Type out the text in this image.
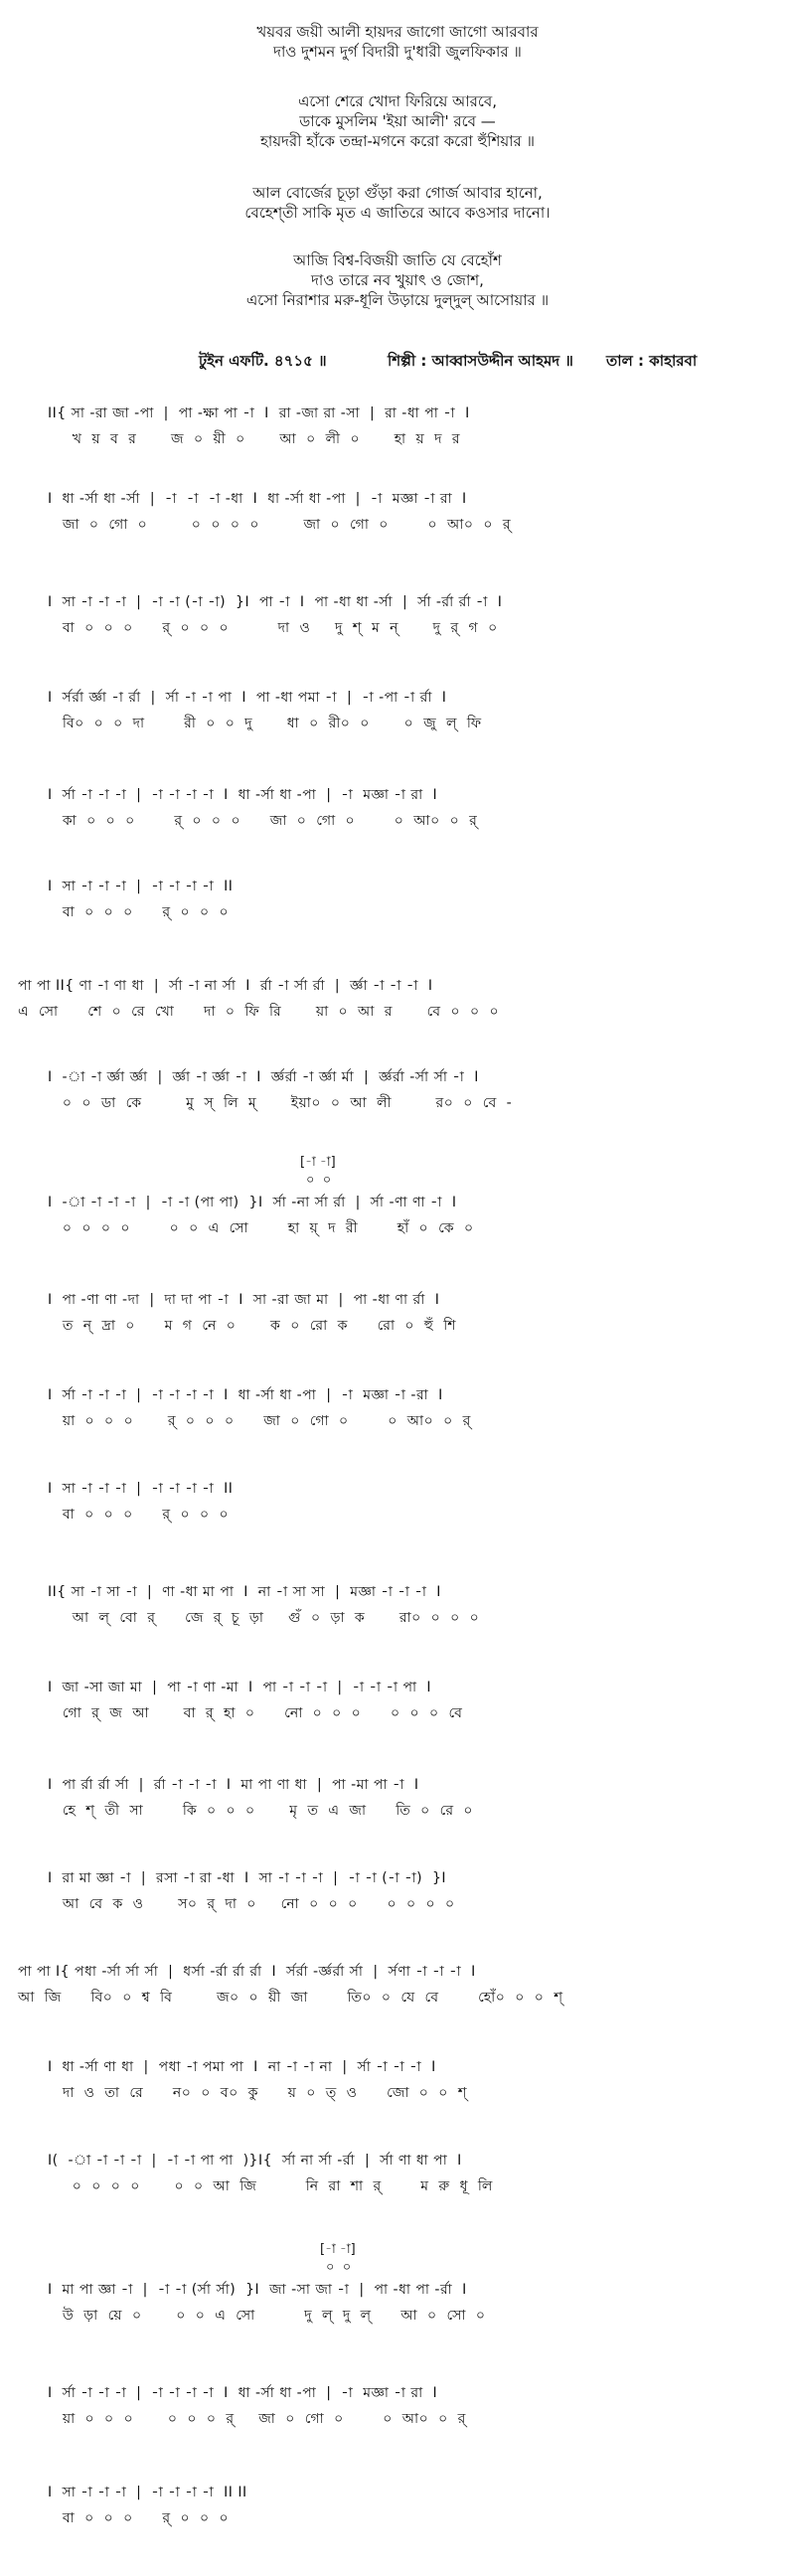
খয়বর জয়ী আলী হায়দর জাগো জাগো আরবার
দাও দুশমন দুর্গ বিদারী দু'ধারী জুলফিকার ॥
এসো শেরে খোদা ফিরিয়ে আরবে,
ডাকে মুসলিম 'ইয়া আলী' রবে —
হায়দরী হাঁকে তন্দ্রা-মগনে করো করো হুঁশিয়ার ॥
আল বোর্জের চূড়া গুঁড়া করা গোর্জ আবার হানো,
বেহেশ্‌তী সাকি মৃত এ জাতিরে আবে কওসার দানো।
আজি বিশ্ব-বিজয়ী জাতি যে বেহোঁশ
দাও তারে নব খুয়াৎ ও জোশ,
এসো নিরাশার মরু-ধূলি উড়ায়ে দুল্‌দুল্‌ আসোয়ার ॥
টুইন এফটি. ৪৭১৫ ॥	শিল্পী : আব্বাসউদ্দীন আহমদ ॥ তাল : কাহারবা
II{ সা -রা জা -পা  |  পা -ক্ষা পা -া  I  রা -জা রা -সা  |  রা -ধা পা -া  I
খ  য়  ব  র       জ  ০  য়ী  ০       আ  ০  লী  ০       হা  য়  দ  র
I  ধা -র্সা ধা -র্সা  |  -া  -া  -া -ধা  I  ধা -র্সা ধা -পা  |  -া  মজ্ঞা -া রা  I
জা  ০  গো  ০         ০  ০  ০  ০         জা  ০  গো  ০        ০  আ০  ০  র্‌
I  সা -া -া -া  |  -া -া (-া -া)  }I  পা -া  I  পা -ধা ধা -র্সা  |  র্সা -র্রা র্রা -া  I
বা  ০  ০  ০      র্‌  ০  ০  ০          দা  ও     দু  শ্‌  ম  ন্‌       দু  র্‌  গ  ০
I  র্সর্রা র্জ্ঞা -া র্রা  |  র্সা -া -া পা  I  পা -ধা পমা -া  |  -া -পা -া র্রা  I
বি০  ০  ০  দা        রী  ০  ০  দু       ধা  ০  রী০  ০       ০  জু  ল্‌  ফি
I  র্সা -া -া -া  |  -া -া -া -া  I  ধা -র্সা ধা -পা  |  -া  মজ্ঞা -া রা  I
কা  ০  ০  ০        র্‌  ০  ০  ০      জা  ০  গো  ০        ০  আ০  ০  র্‌
I  সা -া -া -া  |  -া -া -া -া  II
বা  ০  ০  ০      র্‌  ০  ০  ০
পা পা II{ ণা -া ণা ধা  |  র্সা -া না র্সা  I  র্রা -া র্সা র্রা  |  র্জ্ঞা -া -া -া  I
এ  সো      শে  ০  রে  খো      দা  ০  ফি  রি       য়া  ০  আ  র       বে  ০  ০  ০
I  -া -া র্জ্ঞা র্জ্ঞা  |  র্জ্ঞা -া র্জ্ঞা -া  I  র্জ্ঞর্রা -া র্জ্ঞা র্মা  |  র্জ্ঞর্রা -র্সা র্সা -া  I
০  ০  ডা  কে         মু  স্‌  লি  ম্‌       ইয়া০  ০  আ  লী         র০  ০  বে  -
[-া -া]
০  ০
I  -া -া -া -া  |  -া -া (পা পা)  }I  র্সা -না র্সা র্রা  |  র্সা -ণা ণা -া  I
০  ০  ০  ০        ০  ০  এ  সো        হা  য়্‌  দ  রী        হাঁ  ০  কে  ০
I  পা -ণা ণা -দা  |  দা দা পা -া  I  সা -রা জা মা  |  পা -ধা ণা র্রা  I
ত  ন্‌  দ্রা  ০      ম  গ  নে  ০       ক  ০  রো  ক      রো  ০  হুঁ  শি
I  র্সা -া -া -া  |  -া -া -া -া  I  ধা -র্সা ধা -পা  |  -া  মজ্ঞা -া -রা  I
য়া  ০  ০  ০       র্‌  ০  ০  ০      জা  ০  গো  ০        ০  আ০  ০  র্‌
I  সা -া -া -া  |  -া -া -া -া  II
বা  ০  ০  ০      র্‌  ০  ০  ০
II{ সা -া সা -া  |  ণা -ধা মা পা  I  না -া সা সা  |  মজ্ঞা -া -া -া  I
আ  ল্‌  বো  র্‌      জে  র্‌  চূ  ড়া     গুঁ  ০  ড়া  ক       রা০  ০  ০  ০
I  জা -সা জা মা  |  পা -া ণা -মা  I  পা -া -া -া  |  -া -া -া পা  I
গো  র্‌  জ  আ       বা  র্‌  হা  ০      নো  ০  ০  ০      ০  ০  ০  বে
I  পা র্রা র্রা র্সা  |  র্রা -া -া -া  I  মা পা ণা ধা  |  পা -মা পা -া  I
হে  শ্‌  তী  সা        কি  ০  ০  ০       মৃ  ত  এ  জা      তি  ০  রে  ০
I  রা মা জ্ঞা -া  |  রসা -া রা -ধা  I  সা -া -া -া  |  -া -া (-া -া)  }I
আ  বে  ক  ও       স০  র্‌  দা  ০     নো  ০  ০  ০      ০  ০  ০  ০
পা পা I{ পধা -র্সা র্সা র্সা  |  ধর্সা -র্রা র্রা র্রা  I  র্সর্রা -র্জ্ঞর্রা র্সা  |  র্সণা -া -া -া  I
আ  জি      বি০  ০  শ্ব  বি         জ০  ০  য়ী  জা        তি০  ০  যে  বে        হোঁ০  ০  ০  শ্‌
I  ধা -র্সা ণা ধা  |  পধা -া পমা পা  I  না -া -া না  |  র্সা -া -া -া  I
দা  ও  তা  রে      ন০  ০  ব০  কু      য়  ০  ত্‌  ও      জো  ০  ০  শ্‌
I(  -া -া -া -া  |  -া -া পা পা  )}I{  র্সা না র্সা -র্রা  |  র্সা ণা ধা পা  I
০  ০  ০  ০       ০  ০  আ  জি          নি  রা  শা  র্‌        ম  রু  ধূ  লি
[-া -া]
০  ০
I  মা পা জ্ঞা -া  |  -া -া (র্সা র্সা)  }I  জা -সা জা -া  |  পা -ধা পা -র্রা  I
উ  ড়া  য়ে  ০       ০  ০  এ  সো          দু  ল্‌  দু  ল্‌      আ  ০  সো  ০
I  র্সা -া -া -া  |  -া -া -া -া  I  ধা -র্সা ধা -পা  |  -া  মজ্ঞা -া রা  I
য়া  ০  ০  ০       ০  ০  ০  র্‌     জা  ০  গো  ০        ০  আ০  ০  র্‌
I  সা -া -া -া  |  -া -া -া -া  II II
বা  ০  ০  ০      র্‌  ০  ০  ০
